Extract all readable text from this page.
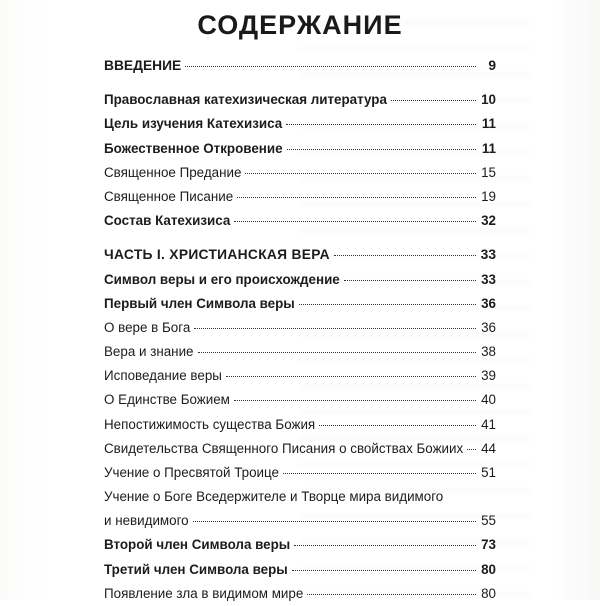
СОДЕРЖАНИЕ
ВВЕДЕНИЕ	9
Православная катехизическая литература	10
Цель изучения Катехизиса	11
Божественное Откровение	11
Священное Предание	15
Священное Писание	19
Состав Катехизиса	32
ЧАСТЬ I. ХРИСТИАНСКАЯ ВЕРА	33
Символ веры и его происхождение	33
Первый член Символа веры	36
О вере в Бога	36
Вера и знание	38
Исповедание веры	39
О Единстве Божием	40
Непостижимость существа Божия	41
Свидетельства Священного Писания о свойствах Божиих 44
Учение о Пресвятой Троице	51
Учение о Боге Вседержителе и Творце мира видимого
и невидимого	55
Второй член Символа веры	73
Третий член Символа веры	80
Появление зла в видимом мире	80
